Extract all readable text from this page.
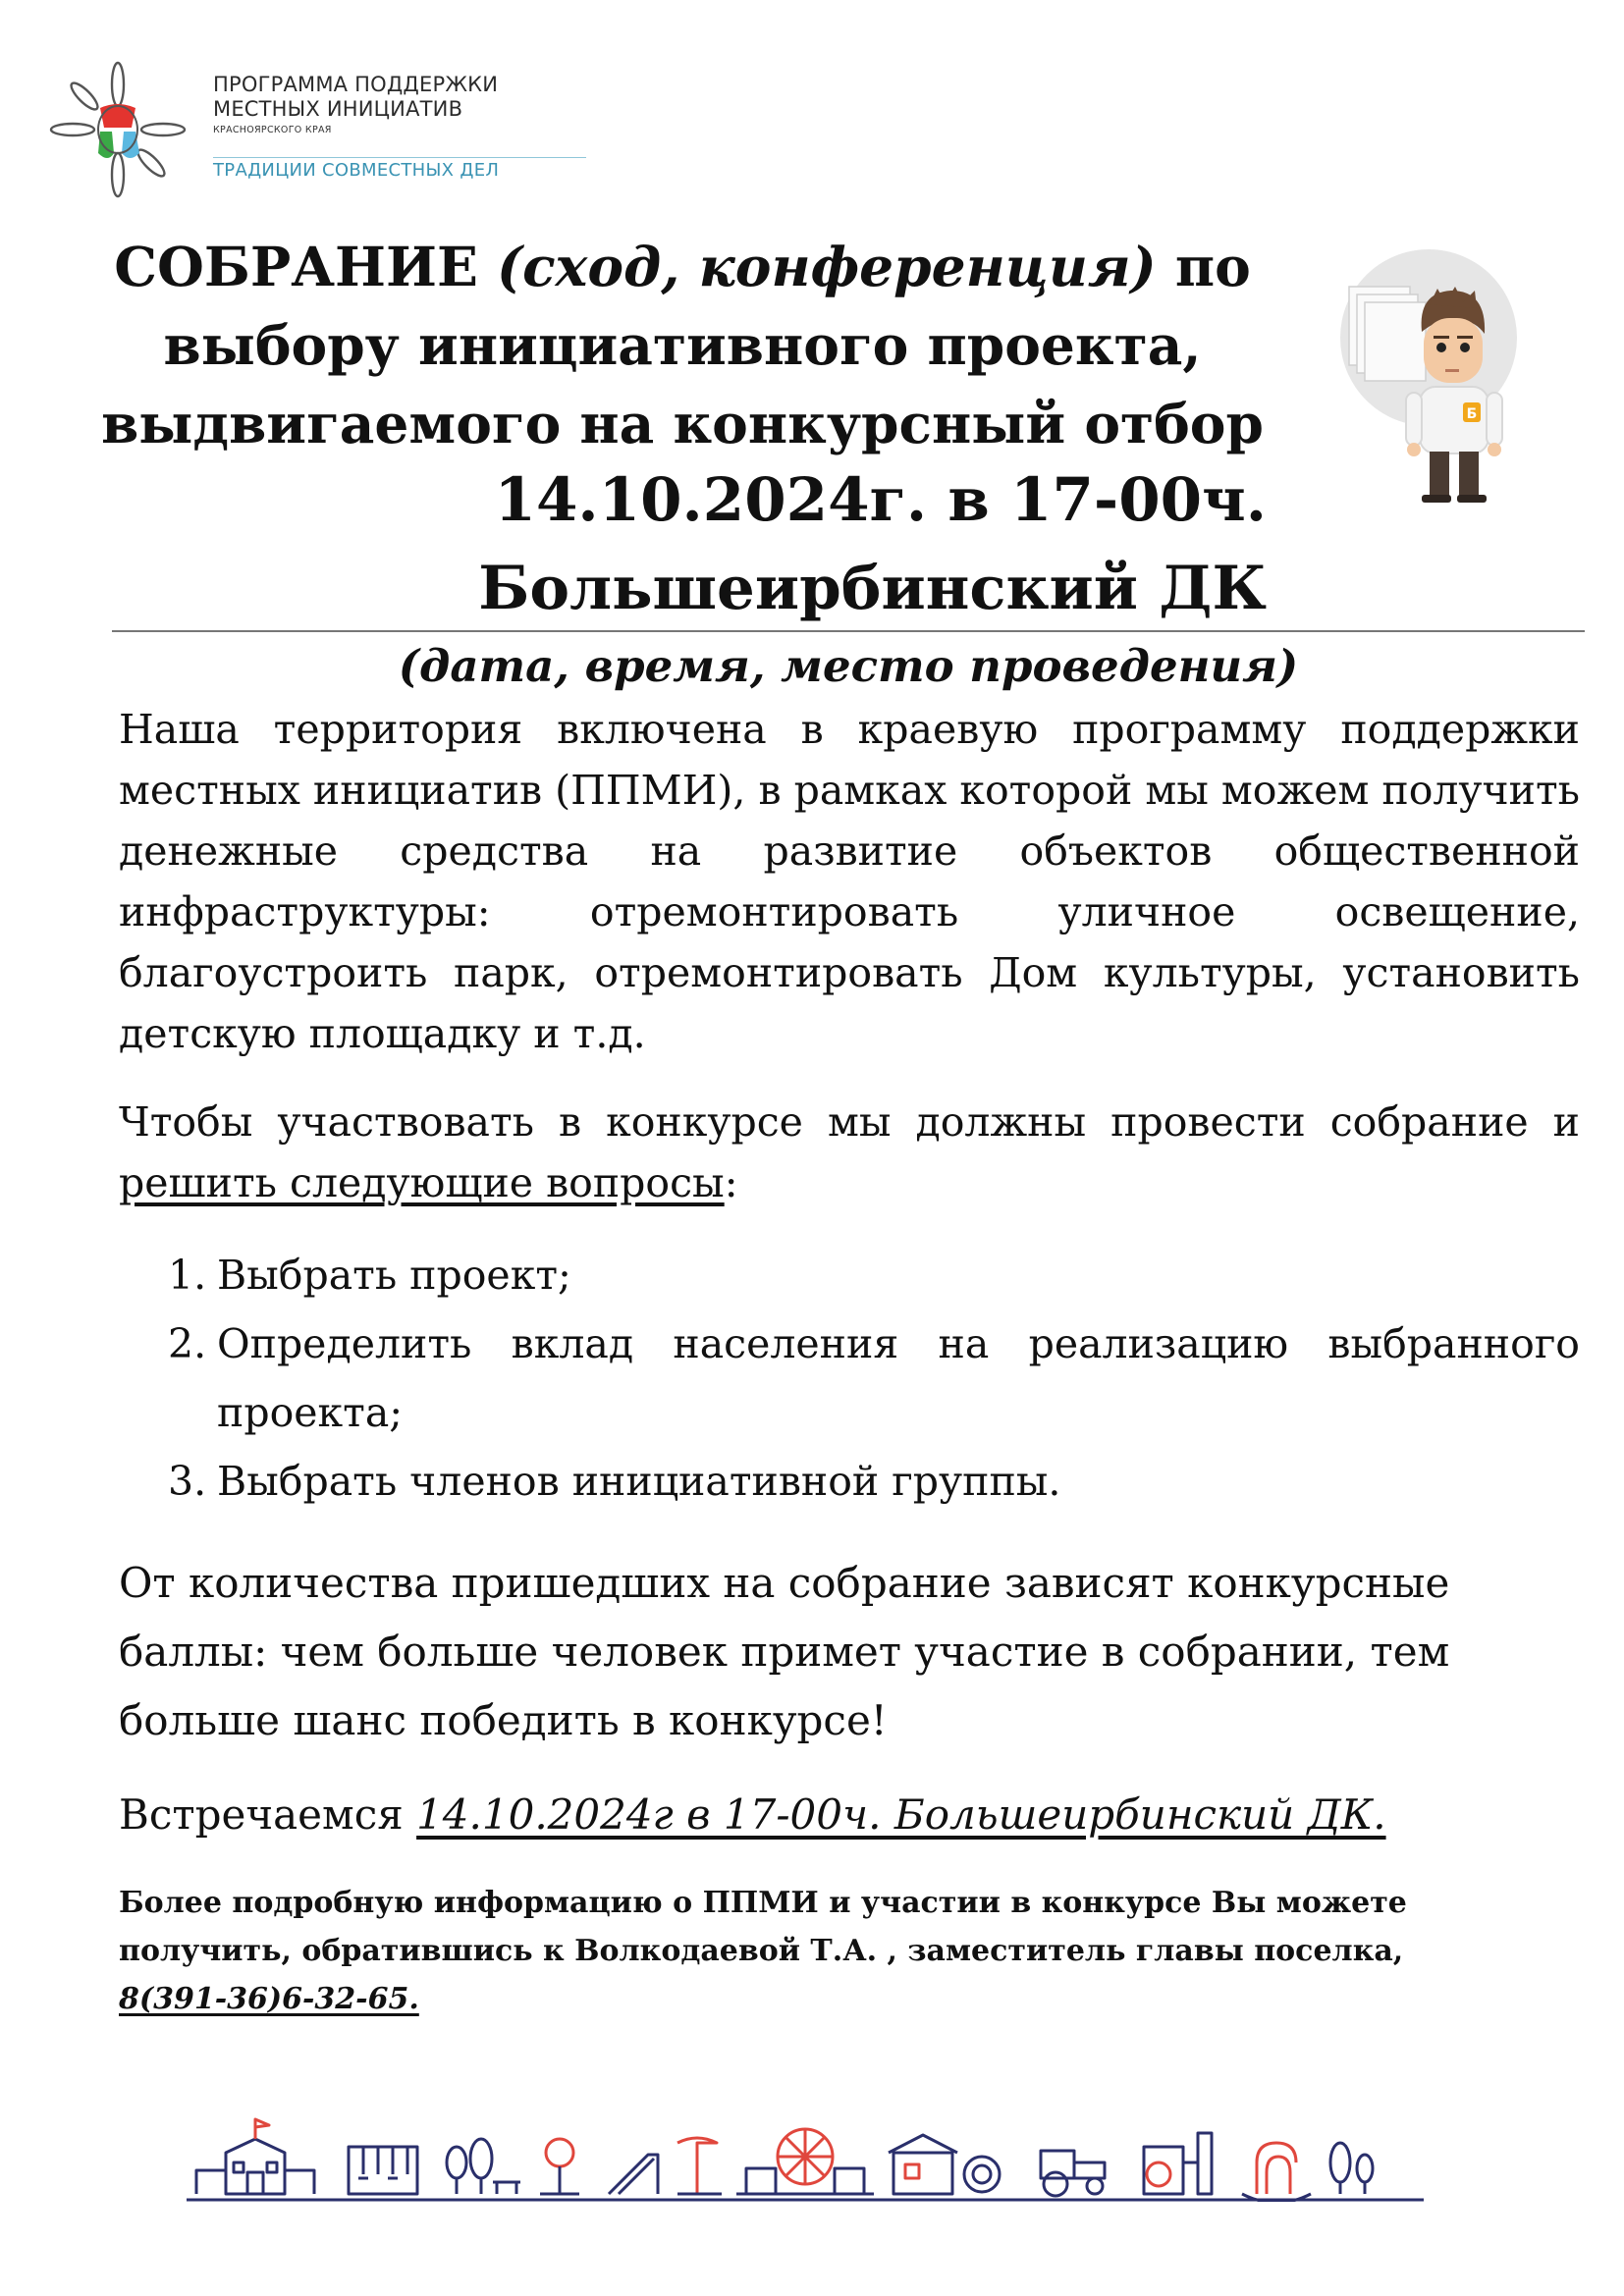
ПРОГРАММА ПОДДЕРЖКИ
МЕСТНЫХ ИНИЦИАТИВ
КРАСНОЯРСКОГО КРАЯ
ТРАДИЦИИ СОВМЕСТНЫХ ДЕЛ
СОБРАНИЕ (сход, конференция) по
выбору инициативного проекта,
выдвигаемого на конкурсный отбор
14.10.2024г. в 17-00ч.
Большеирбинский ДК
Б
(дата, время, место проведения)
Наша территория включена в краевую программу поддержки местных инициатив (ППМИ), в рамках которой мы можем получить денежные средства на развитие объектов общественной инфраструктуры: отремонтировать уличное освещение, благоустроить парк, отремонтировать Дом культуры, установить детскую площадку и т.д.
Чтобы участвовать в конкурсе мы должны провести собрание и решить следующие вопросы:
1. Выбрать проект;
2. Определить вклад населения на реализацию выбранного проекта;
3. Выбрать членов инициативной группы.
От количества пришедших на собрание зависят конкурсные баллы: чем больше человек примет участие в собрании, тем больше шанс победить в конкурсе!
Встречаемся 14.10.2024г в 17-00ч. Большеирбинский ДК.
Более подробную информацию о ППМИ и участии в конкурсе Вы можете получить, обратившись к Волкодаевой Т.А. , заместитель главы поселка,
8(391-36)6-32-65.
